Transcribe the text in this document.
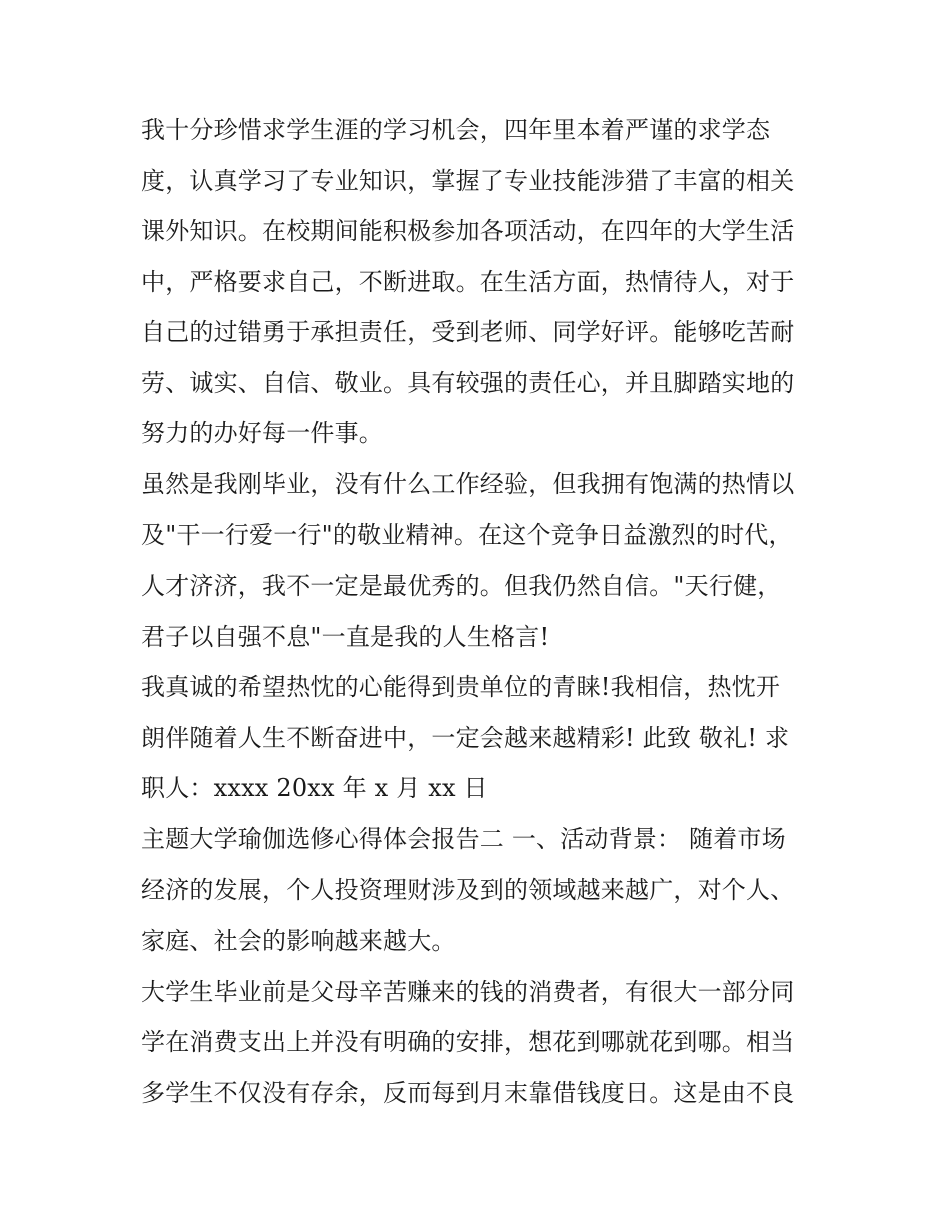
我十分珍惜求学生涯的学习机会，四年里本着严谨的求学态
度，认真学习了专业知识，掌握了专业技能涉猎了丰富的相关
课外知识。在校期间能积极参加各项活动，在四年的大学生活
中，严格要求自己，不断进取。在生活方面，热情待人，对于
自己的过错勇于承担责任，受到老师、同学好评。能够吃苦耐
劳、诚实、自信、敬业。具有较强的责任心，并且脚踏实地的
努力的办好每一件事。
虽然是我刚毕业，没有什么工作经验，但我拥有饱满的热情以
及"干一行爱一行"的敬业精神。在这个竞争日益激烈的时代，
人才济济，我不一定是最优秀的。但我仍然自信。"天行健，
君子以自强不息"一直是我的人生格言!
我真诚的希望热忱的心能得到贵单位的青睐!我相信，热忱开
朗伴随着人生不断奋进中，一定会越来越精彩! 此致 敬礼! 求
职人：xxxx 20xx 年 x 月 xx 日
主题大学瑜伽选修心得体会报告二 一、活动背景： 随着市场
经济的发展，个人投资理财涉及到的领域越来越广，对个人、
家庭、社会的影响越来越大。
大学生毕业前是父母辛苦赚来的钱的消费者，有很大一部分同
学在消费支出上并没有明确的安排，想花到哪就花到哪。相当
多学生不仅没有存余，反而每到月末靠借钱度日。这是由不良
